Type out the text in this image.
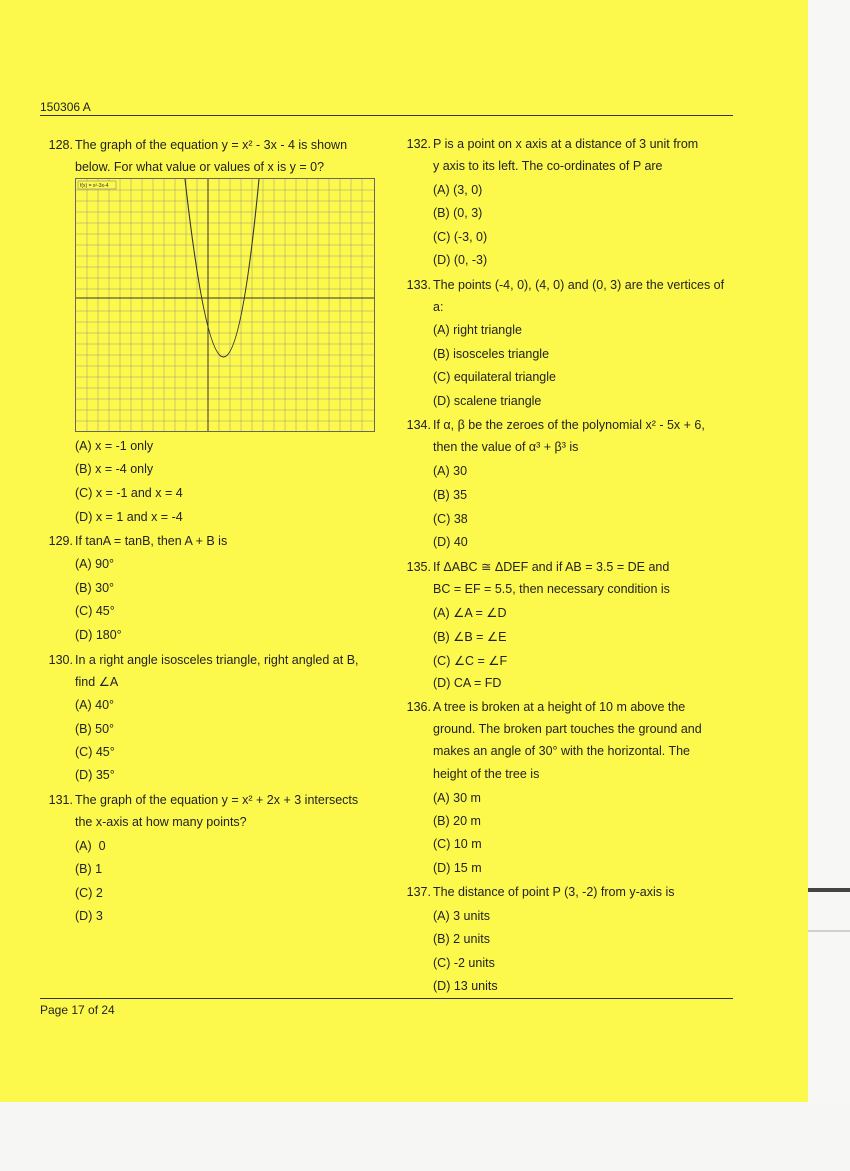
150306 A
Page 17 of 24
128. The graph of the equation y = x² - 3x - 4 is shown
below. For what value or values of x is y = 0?
f(x) = x²-3x-4
(A) x = -1 only
(B) x = -4 only
(C) x = -1 and x = 4
(D) x = 1 and x = -4
129. If tanA = tanB, then A + B is
(A) 90°
(B) 30°
(C) 45°
(D) 180°
130. In a right angle isosceles triangle, right angled at B,
find ∠A
(A) 40°
(B) 50°
(C) 45°
(D) 35°
131. The graph of the equation y = x² + 2x + 3 intersects
the x-axis at how many points?
(A)  0
(B) 1
(C) 2
(D) 3
132. P is a point on x axis at a distance of 3 unit from
y axis to its left. The co-ordinates of P are
(A) (3, 0)
(B) (0, 3)
(C) (-3, 0)
(D) (0, -3)
133. The points (-4, 0), (4, 0) and (0, 3) are the vertices of
a:
(A) right triangle
(B) isosceles triangle
(C) equilateral triangle
(D) scalene triangle
134. If α, β be the zeroes of the polynomial x² - 5x + 6,
then the value of α³ + β³ is
(A) 30
(B) 35
(C) 38
(D) 40
135. If ΔABC ≅ ΔDEF and if AB = 3.5 = DE and
BC = EF = 5.5, then necessary condition is
(A) ∠A = ∠D
(B) ∠B = ∠E
(C) ∠C = ∠F
(D) CA = FD
136. A tree is broken at a height of 10 m above the
ground. The broken part touches the ground and
makes an angle of 30° with the horizontal. The
height of the tree is
(A) 30 m
(B) 20 m
(C) 10 m
(D) 15 m
137. The distance of point P (3, -2) from y-axis is
(A) 3 units
(B) 2 units
(C) -2 units
(D) 13 units
